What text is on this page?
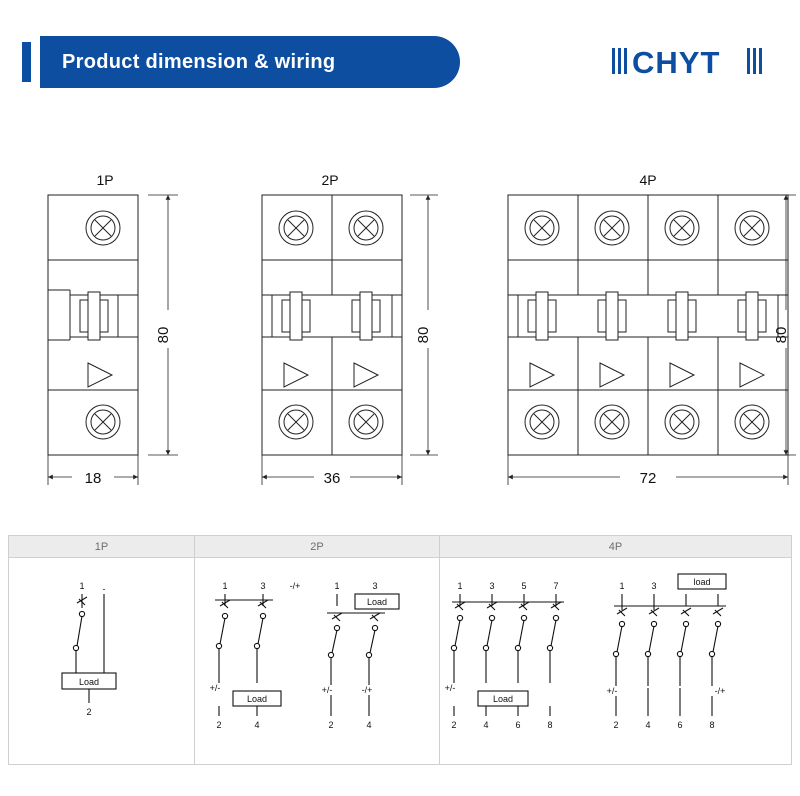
Product dimension & wiring	CHYT
1P
80
18
2P
80
36
4P
80
72
1P	2P	4P
1 -
Load
2
1	3	-/+
+/-
Load
2	4
1	3
Load
+/-	-/+
2	4
1	3	5	7
+/-
Load
2	4	6	8
1	3	load
+/-	-/+
2	4	6	8
